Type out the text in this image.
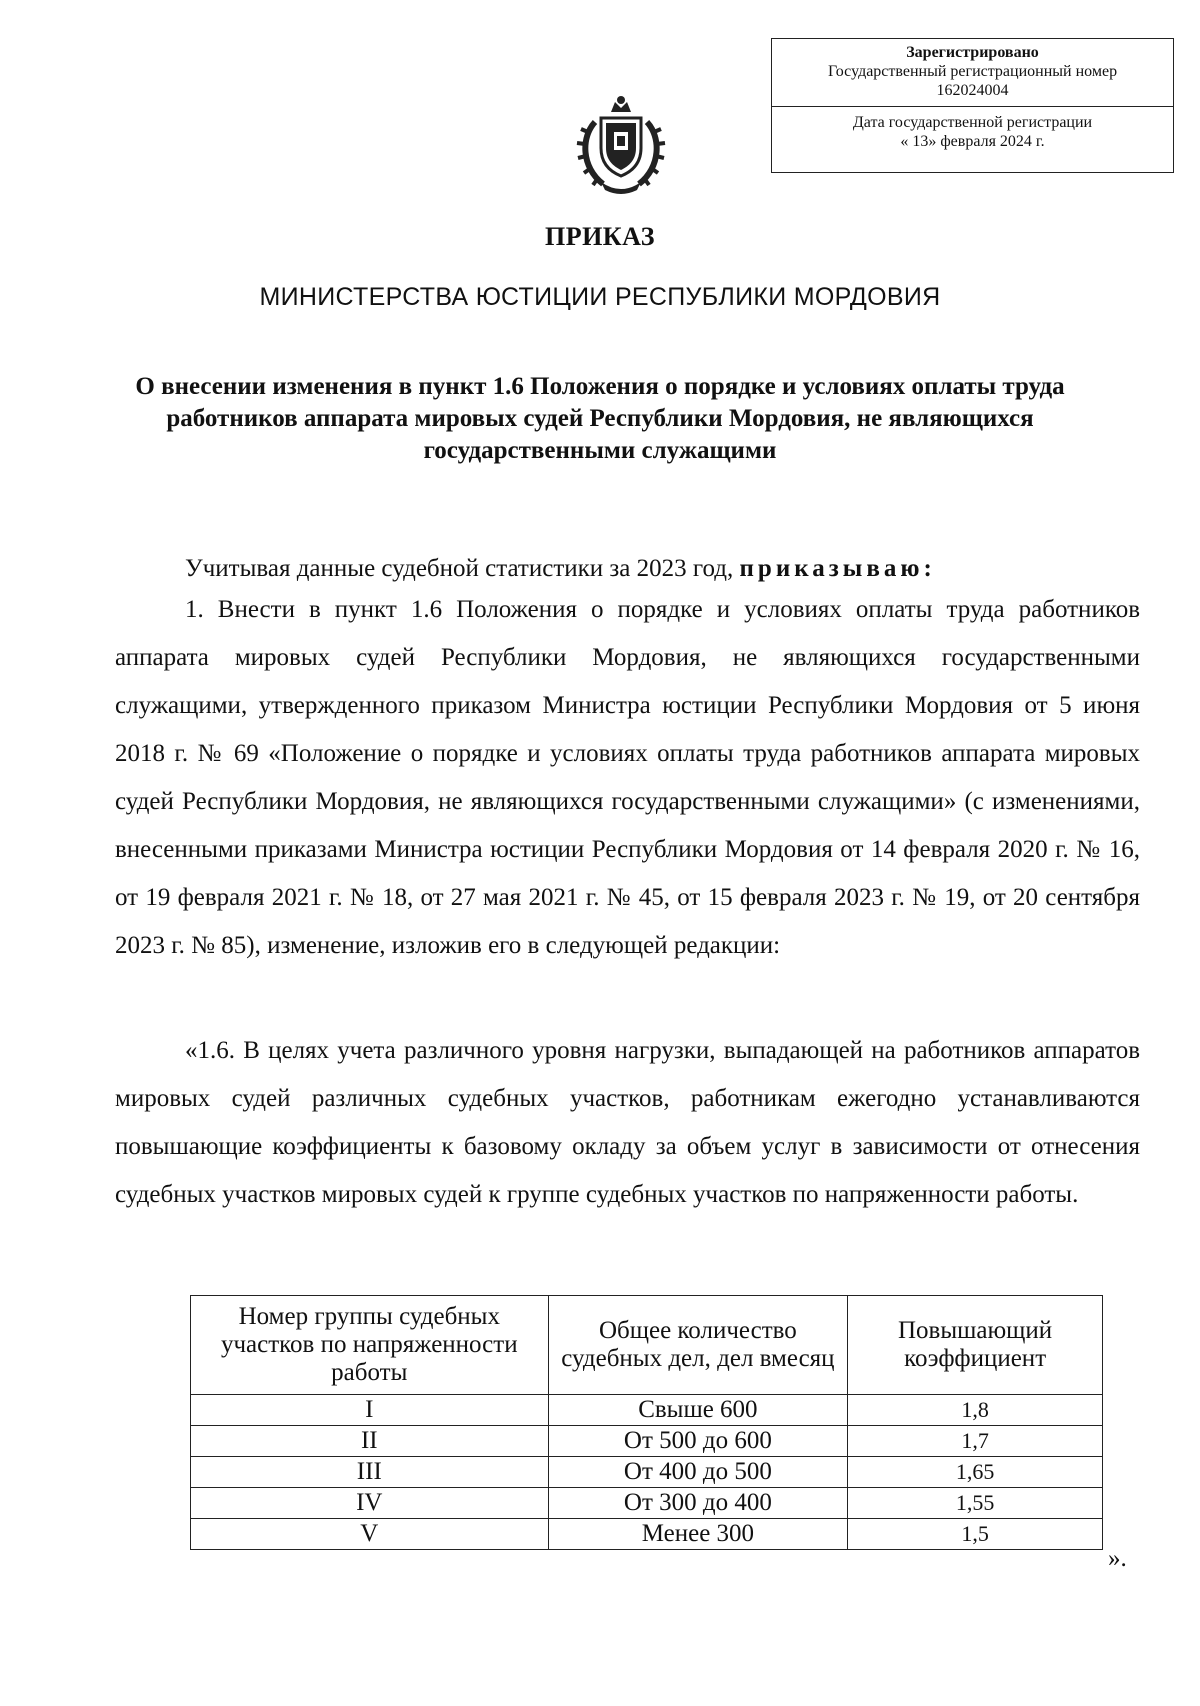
Зарегистрировано
Государственный регистрационный номер
162024004
Дата государственной регистрации
« 13» февраля 2024 г.
ПРИКАЗ
МИНИСТЕРСТВА ЮСТИЦИИ РЕСПУБЛИКИ МОРДОВИЯ
О внесении изменения в пункт 1.6 Положения о порядке и условиях оплаты труда работников аппарата мировых судей Республики Мордовия, не являющихся государственными служащими
Учитывая данные судебной статистики за 2023 год, приказываю:
1. Внести в пункт 1.6 Положения о порядке и условиях оплаты труда работников аппарата мировых судей Республики Мордовия, не являющихся государственными служащими, утвержденного приказом Министра юстиции Республики Мордовия от 5 июня 2018 г. № 69 «Положение о порядке и условиях оплаты труда работников аппарата мировых судей Республики Мордовия, не являющихся государственными служащими» (с изменениями, внесенными приказами Министра юстиции Республики Мордовия от 14 февраля 2020 г. № 16, от 19 февраля 2021 г. № 18, от 27 мая 2021 г. № 45, от 15 февраля 2023 г. № 19, от 20 сентября 2023 г. № 85), изменение, изложив его в следующей редакции:
«1.6. В целях учета различного уровня нагрузки, выпадающей на работников аппаратов мировых судей различных судебных участков, работникам ежегодно устанавливаются повышающие коэффициенты к базовому окладу за объем услуг в зависимости от отнесения судебных участков мировых судей к группе судебных участков по напряженности работы.
Номер группы судебных участков по напряженности работы	Общее количество судебных дел, дел вмесяц	Повышающий коэффициент
I	Свыше 600	1,8
II	От 500 до 600	1,7
III	От 400 до 500	1,65
IV	От 300 до 400	1,55
V	Менее 300	1,5
».
